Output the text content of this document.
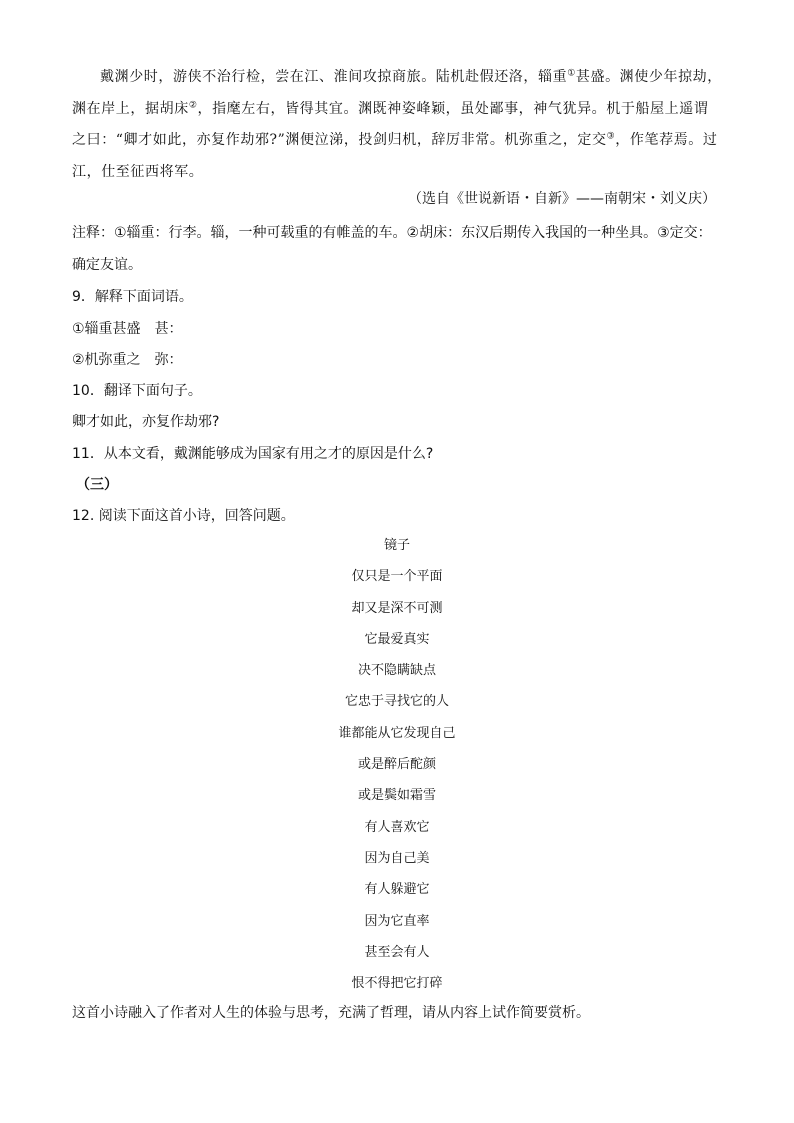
戴渊少时，游侠不治行检，尝在江、淮间攻掠商旅。陆机赴假还洛，辎重①甚盛。渊使少年掠劫，渊在岸上，据胡床②，指麾左右，皆得其宜。渊既神姿峰颖，虽处鄙事，神气犹异。机于船屋上遥谓之曰：“卿才如此，亦复作劫邪?”渊便泣涕，投剑归机，辞厉非常。机弥重之，定交③，作笔荐焉。过江，仕至征西将军。

（选自《世说新语・自新》——南朝宋・刘义庆）
注释：①辎重：行李。辎，一种可载重的有帷盖的车。②胡床：东汉后期传入我国的一种坐具。③定交：
确定友谊。
9．解释下面词语。
①辎重甚盛 甚：
②机弥重之 弥：
10．翻译下面句子。
卿才如此，亦复作劫邪?
11．从本文看，戴渊能够成为国家有用之才的原因是什么?
（三）
12. 阅读下面这首小诗，回答问题。
镜子
仅只是一个平面
却又是深不可测
它最爱真实
决不隐瞒缺点
它忠于寻找它的人
谁都能从它发现自己
或是醉后酡颜
或是鬓如霜雪
有人喜欢它
因为自己美
有人躲避它
因为它直率
甚至会有人
恨不得把它打碎
这首小诗融入了作者对人生的体验与思考，充满了哲理，请从内容上试作简要赏析。
